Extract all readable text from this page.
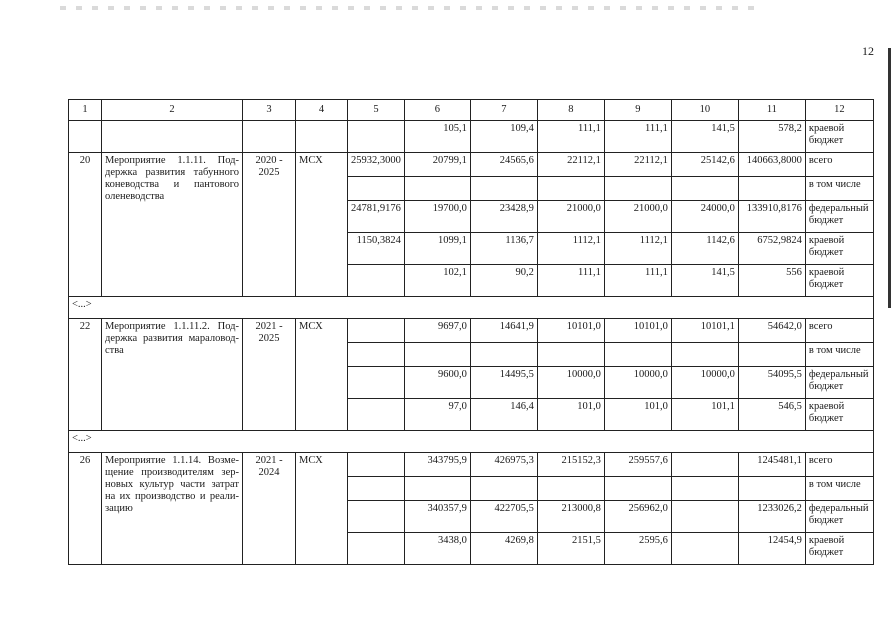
12
1	2	3	4	5	6	7	8	9	10	11	12
					105,1	109,4	111,1	111,1	141,5	578,2	краевой бюджет
20	Мероприятие 1.1.11. Поддержка развития табунного коневодства и пантового оленеводства	2020 - 2025	МСХ	25932,3000	20799,1	24565,6	22112,1	22112,1	25142,6	140663,8000	всего
											в том числе
				24781,9176	19700,0	23428,9	21000,0	21000,0	24000,0	133910,8176	федеральный бюджет
				1150,3824	1099,1	1136,7	1112,1	1112,1	1142,6	6752,9824	краевой бюджет
					102,1	90,2	111,1	111,1	141,5	556	краевой бюджет
<...>											
22	Мероприятие 1.1.11.2. Поддержка развития мараловодства	2021 - 2025	МСХ		9697,0	14641,9	10101,0	10101,0	10101,1	54642,0	всего
											в том числе
					9600,0	14495,5	10000,0	10000,0	10000,0	54095,5	федеральный бюджет
					97,0	146,4	101,0	101,0	101,1	546,5	краевой бюджет
<...>											
26	Мероприятие 1.1.14. Возмещение производителям зерновых культур части затрат на их производство и реализацию	2021 - 2024	МСХ		343795,9	426975,3	215152,3	259557,6		1245481,1	всего
											в том числе
					340357,9	422705,5	213000,8	256962,0		1233026,2	федеральный бюджет
					3438,0	4269,8	2151,5	2595,6		12454,9	краевой бюджет
